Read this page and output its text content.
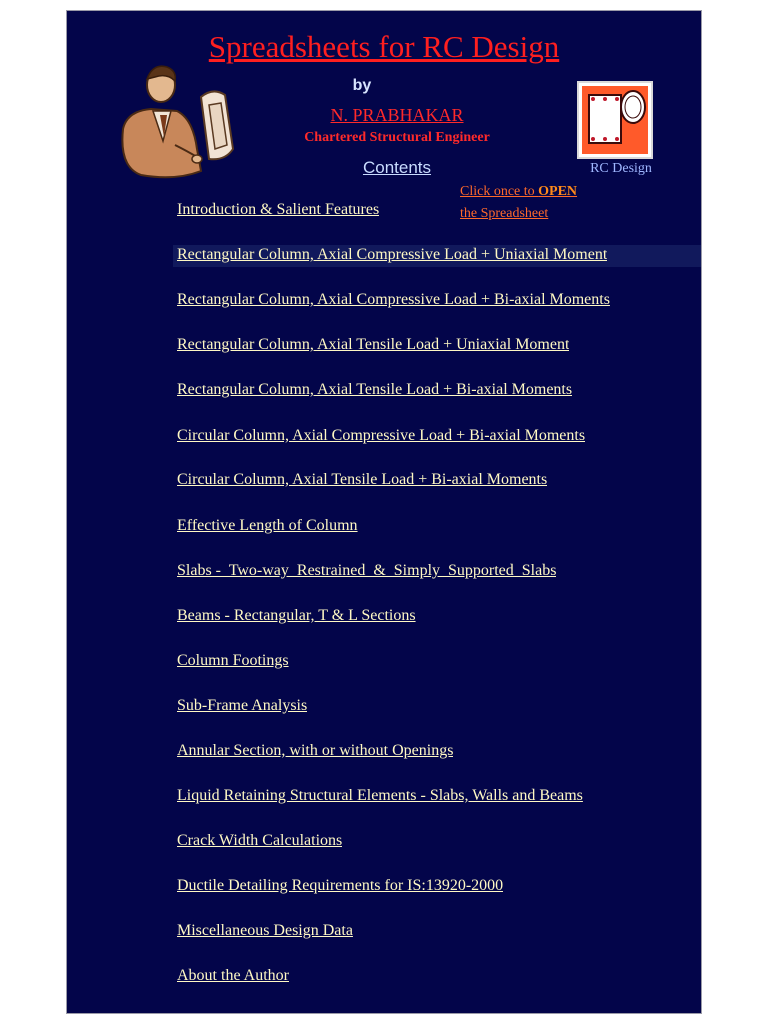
Spreadsheets for RC Design
by
N. PRABHAKAR
Chartered Structural Engineer
Contents
Click once to OPEN
the Spreadsheet
RC Design
Introduction & Salient Features
Rectangular Column, Axial Compressive Load + Uniaxial Moment
Rectangular Column, Axial Compressive Load + Bi-axial Moments
Rectangular Column, Axial Tensile Load + Uniaxial Moment
Rectangular Column, Axial Tensile Load + Bi-axial Moments
Circular Column, Axial Compressive Load + Bi-axial Moments
Circular Column, Axial Tensile Load + Bi-axial Moments
Effective Length of Column
Slabs -  Two-way  Restrained  &  Simply  Supported  Slabs
Beams - Rectangular, T & L Sections
Column Footings
Sub-Frame Analysis
Annular Section, with or without Openings
Liquid Retaining Structural Elements - Slabs, Walls and Beams
Crack Width Calculations
Ductile Detailing Requirements for IS:13920-2000
Miscellaneous Design Data
About the Author
